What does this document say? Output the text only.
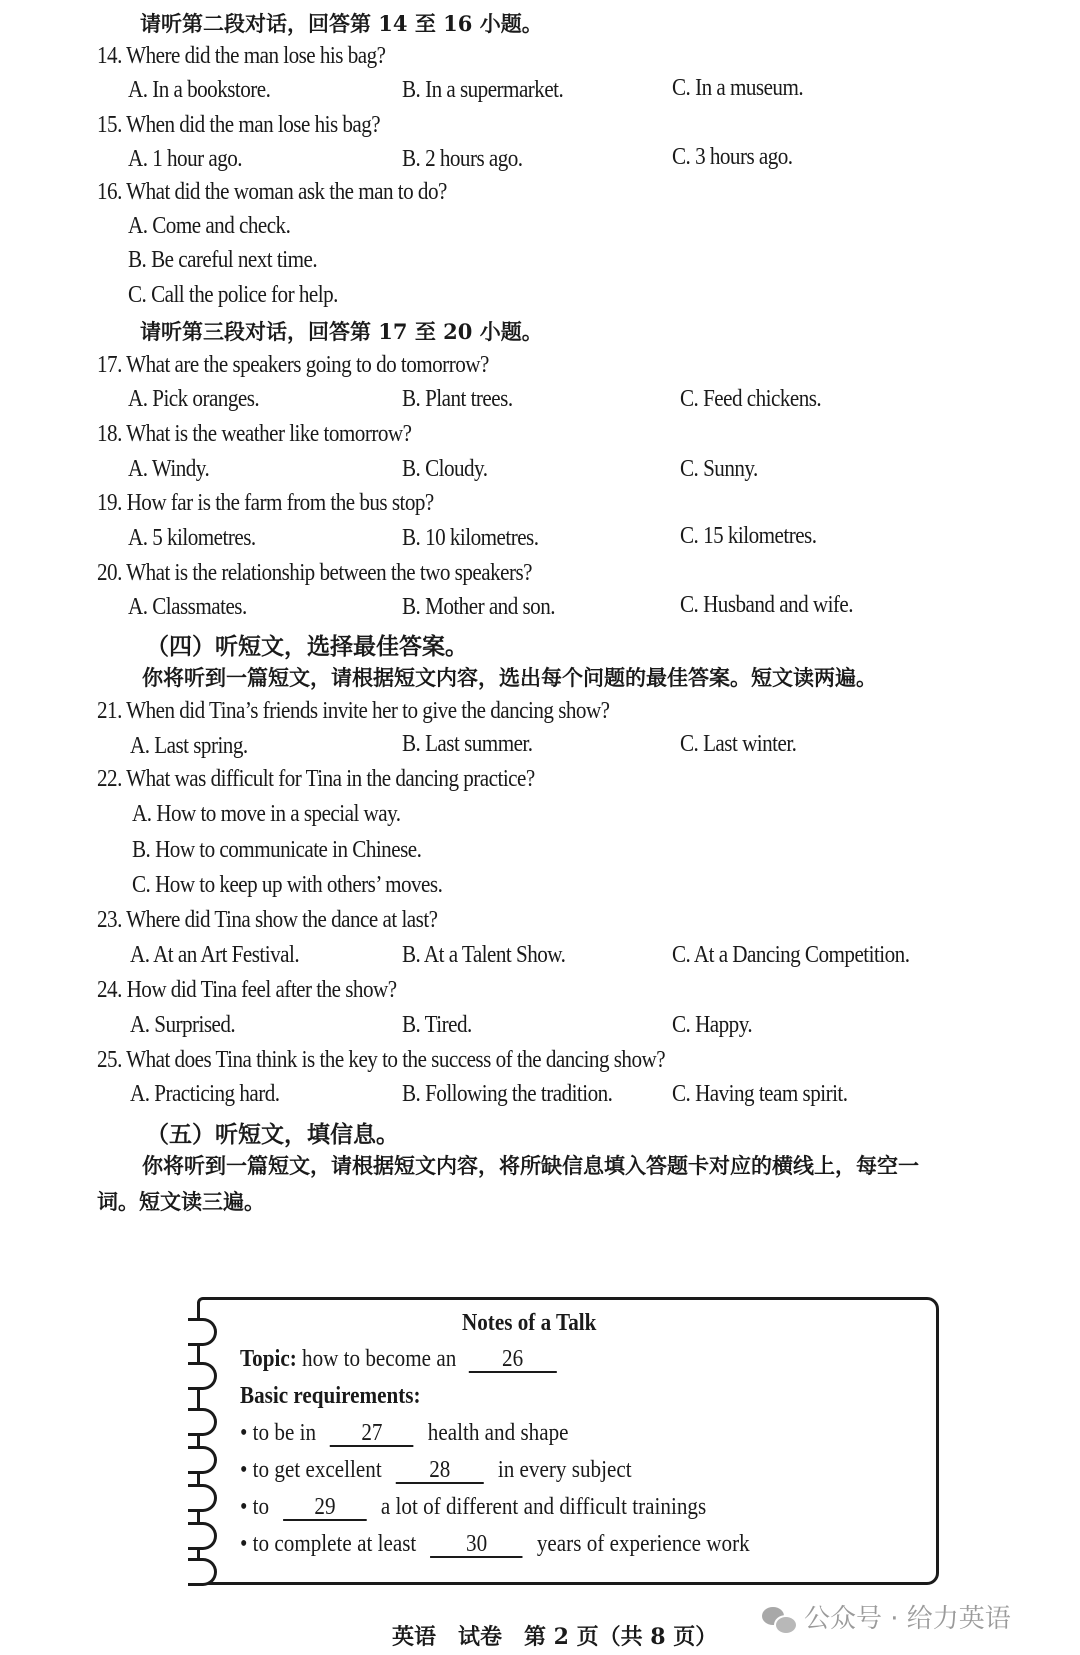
请听第二段对话，回答第 14 至 16 小题。
14. Where did the man lose his bag?
A. In a bookstore.	B. In a supermarket.	C. In a museum.
15. When did the man lose his bag?
A. 1 hour ago.	B. 2 hours ago.	C. 3 hours ago.
16. What did the woman ask the man to do?
A. Come and check.
B. Be careful next time.
C. Call the police for help.
请听第三段对话，回答第 17 至 20 小题。
17. What are the speakers going to do tomorrow?
A. Pick oranges.	B. Plant trees.	C. Feed chickens.
18. What is the weather like tomorrow?
A. Windy.	B. Cloudy.	C. Sunny.
19. How far is the farm from the bus stop?
A. 5 kilometres.	B. 10 kilometres.	C. 15 kilometres.
20. What is the relationship between the two speakers?
A. Classmates.	B. Mother and son.	C. Husband and wife.
（四）听短文，选择最佳答案。
你将听到一篇短文，请根据短文内容，选出每个问题的最佳答案。短文读两遍。
21. When did Tina’s friends invite her to give the dancing show?
A. Last spring.	B. Last summer.	C. Last winter.
22. What was difficult for Tina in the dancing practice?
A. How to move in a special way.
B. How to communicate in Chinese.
C. How to keep up with others’ moves.
23. Where did Tina show the dance at last?
A. At an Art Festival.	B. At a Talent Show.	C. At a Dancing Competition.
24. How did Tina feel after the show?
A. Surprised.	B. Tired.	C. Happy.
25. What does Tina think is the key to the success of the dancing show?
A. Practicing hard.	B. Following the tradition. C. Having team spirit.
（五）听短文，填信息。
你将听到一篇短文，请根据短文内容，将所缺信息填入答题卡对应的横线上，每空一
词。短文读三遍。
Notes of a Talk
Topic: how to become an 26
Basic requirements:
• to be in 27 health and shape
• to get excellent 28 in every subject
• to 29 a lot of different and difficult trainings
• to complete at least 30 years of experience work
公众号 · 给力英语
英语　试卷　第 2 页（共 8 页）
